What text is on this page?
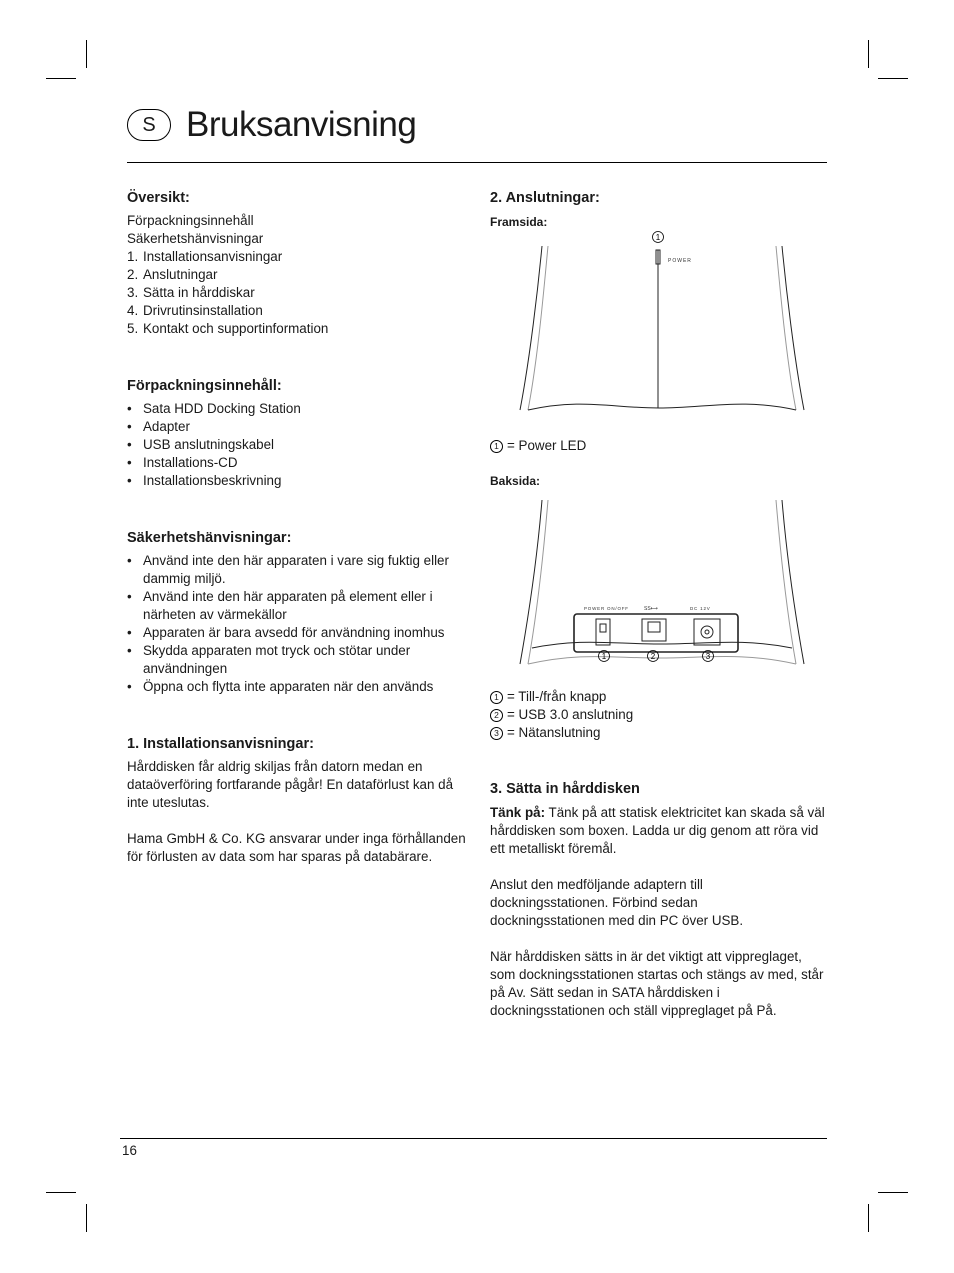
S Bruksanvisning
Översikt:
Förpackningsinnehåll
Säkerhetshänvisningar
1. Installationsanvisningar
2. Anslutningar
3. Sätta in hårddiskar
4. Drivrutinsinstallation
5. Kontakt och supportinformation
Förpackningsinnehåll:
• Sata HDD Docking Station
• Adapter
• USB anslutningskabel
• Installations-CD
• Installationsbeskrivning
Säkerhetshänvisningar:
• Använd inte den här apparaten i vare sig fuktig eller dammig miljö.
• Använd inte den här apparaten på element eller i närheten av värmekällor
• Apparaten är bara avsedd för användning inomhus
• Skydda apparaten mot tryck och stötar under användningen
• Öppna och flytta inte apparaten när den används
1. Installationsanvisningar:

Hårddisken får aldrig skiljas från datorn medan en dataöverföring fortfarande pågår! En dataförlust kan då inte uteslutas.

Hama GmbH & Co. KG ansvarar under inga förhållanden för förlusten av data som har sparas på databärare.

2. Anslutningar:
Framsida:
POWER
1
1 = Power LED
Baksida:
POWER ON/OFF	SS⟷	DC 12V
1	2	3
1 = Till-/från knapp
2 = USB 3.0 anslutning
3 = Nätanslutning
3. Sätta in hårddisken

Tänk på: Tänk på att statisk elektricitet kan skada så väl hårddisken som boxen. Ladda ur dig genom att röra vid ett metalliskt föremål.

Anslut den medföljande adaptern till dockningsstationen. Förbind sedan dockningsstationen med din PC över USB.

När hårddisken sätts in är det viktigt att vippreglaget, som dockningsstationen startas och stängs av med, står på Av. Sätt sedan in SATA hårddisken i dockningsstationen och ställ vippreglaget på På.

16
